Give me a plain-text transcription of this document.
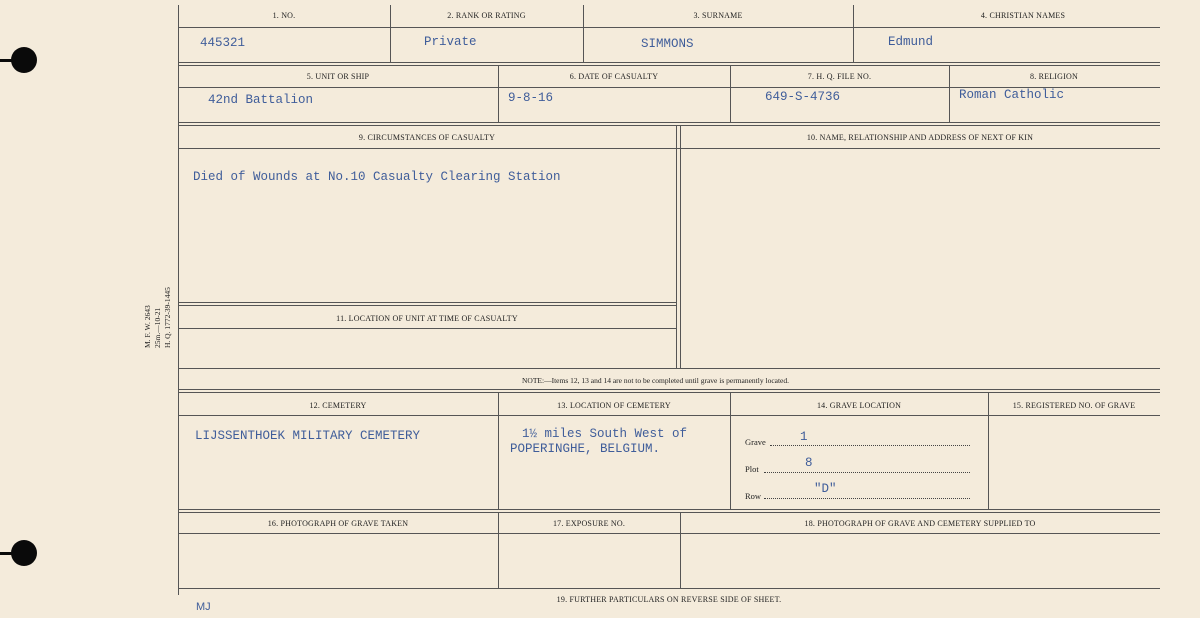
M. F. W. 2643 25m.—10-21 H. Q. 1772-39-1445
1. NO.	2. RANK OR RATING	3. SURNAME	4. CHRISTIAN NAMES
445321	Private	SIMMONS	Edmund
5. UNIT OR SHIP	6. DATE OF CASUALTY	7. H. Q. FILE NO.	8. RELIGION
42nd Battalion	9-8-16	649-S-4736	Roman Catholic
9. CIRCUMSTANCES OF CASUALTY	10. NAME, RELATIONSHIP AND ADDRESS OF NEXT OF KIN
Died of Wounds at No.10 Casualty Clearing Station
11. LOCATION OF UNIT AT TIME OF CASUALTY
NOTE:—Items 12, 13 and 14 are not to be completed until grave is permanently located.
12. CEMETERY	13. LOCATION OF CEMETERY	14. GRAVE LOCATION	15. REGISTERED NO. OF GRAVE
LIJSSENTHOEK MILITARY CEMETERY	1½ miles South West of
POPERINGHE, BELGIUM.	Grave	1
Plot	8
Row	"D"
16. PHOTOGRAPH OF GRAVE TAKEN	17. EXPOSURE NO.	18. PHOTOGRAPH OF GRAVE AND CEMETERY SUPPLIED TO
19. FURTHER PARTICULARS ON REVERSE SIDE OF SHEET.
MJ
